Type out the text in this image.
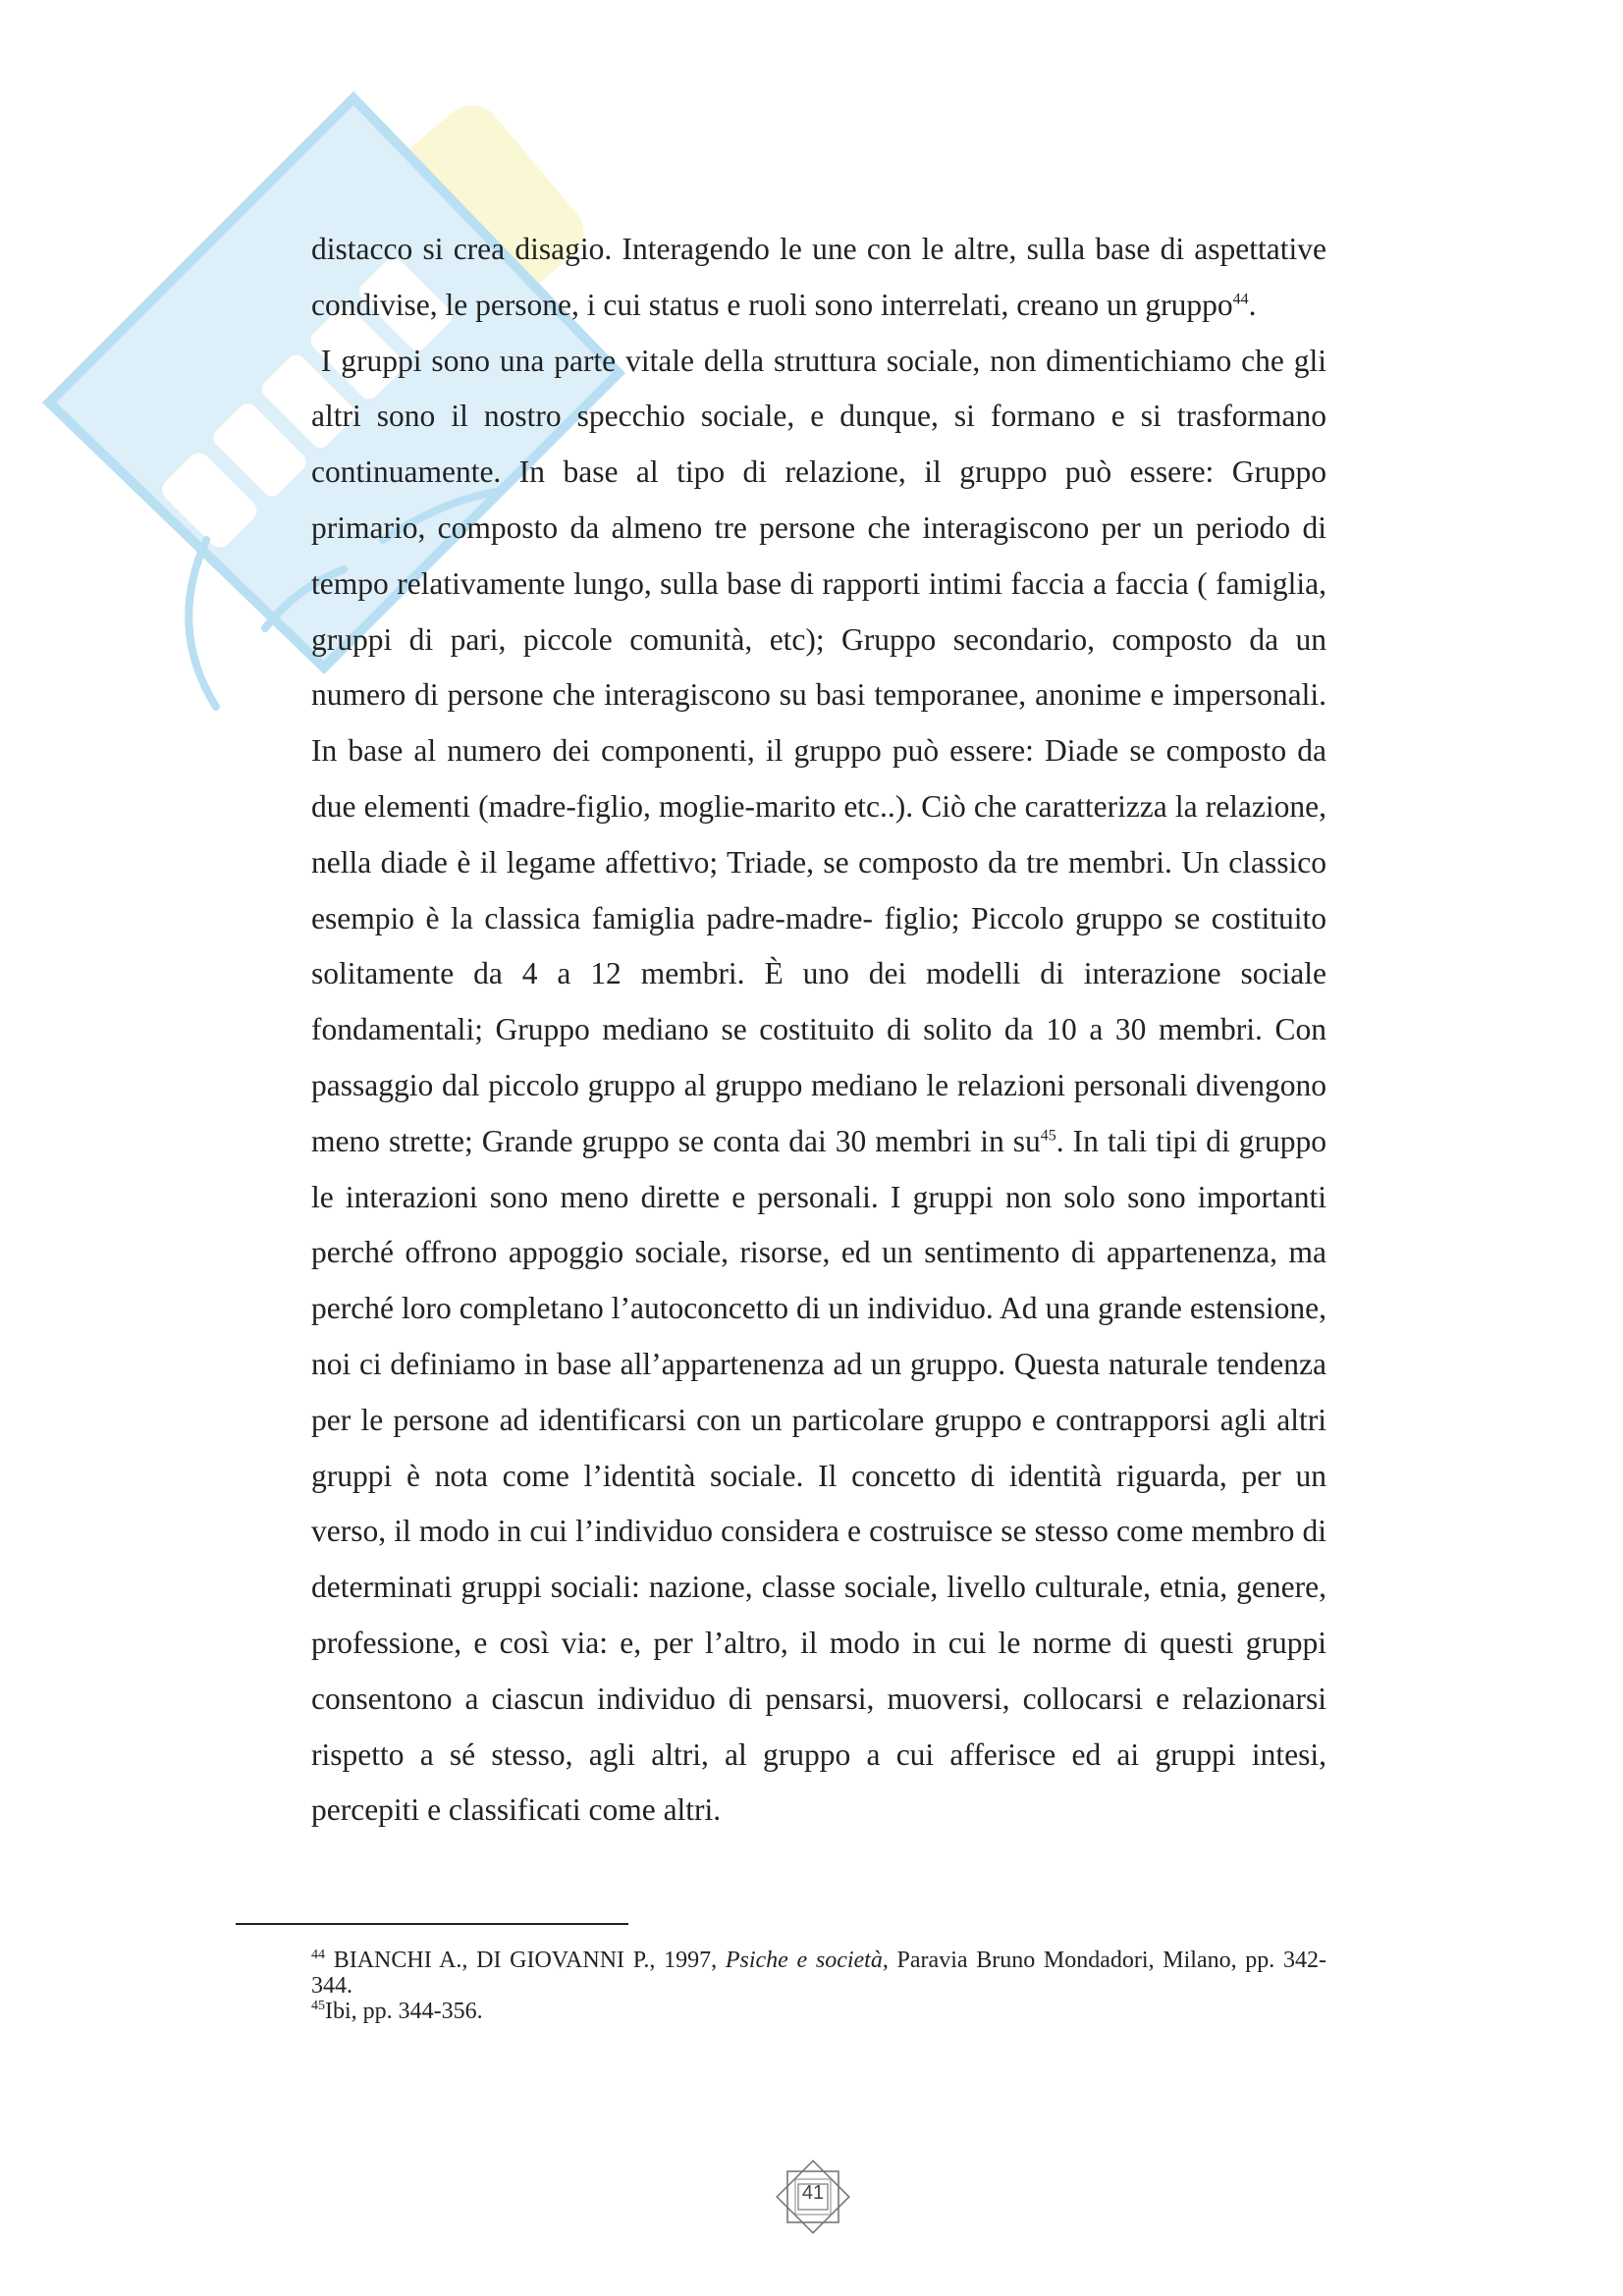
distacco si crea disagio. Interagendo le une con le altre, sulla base di aspettative condivise, le persone, i cui status e ruoli sono interrelati, creano un gruppo$^{44}$.
I gruppi sono una parte vitale della struttura sociale, non dimentichiamo che gli altri sono il nostro specchio sociale, e dunque, si formano e si trasformano continuamente. In base al tipo di relazione, il gruppo può essere: Gruppo primario, composto da almeno tre persone che interagiscono per un periodo di tempo relativamente lungo, sulla base di rapporti intimi faccia a faccia ( famiglia, gruppi di pari, piccole comunità, etc); Gruppo secondario, composto da un numero di persone che interagiscono su basi temporanee, anonime e impersonali. In base al numero dei componenti, il gruppo può essere: Diade se composto da due elementi (madre-figlio, moglie-marito etc..). Ciò che caratterizza la relazione, nella diade è il legame affettivo; Triade, se composto da tre membri. Un classico esempio è la classica famiglia padre-madre- figlio; Piccolo gruppo se costituito solitamente da 4 a 12 membri. È uno dei modelli di interazione sociale fondamentali; Gruppo mediano se costituito di solito da 10 a 30 membri. Con passaggio dal piccolo gruppo al gruppo mediano le relazioni personali divengono meno strette; Grande gruppo se conta dai 30 membri in $su^{45}$. In tali tipi di gruppo le interazioni sono meno dirette e personali. I gruppi non solo sono importanti perché offrono appoggio sociale, risorse, ed un sentimento di appartenenza, ma perché loro completano l’autoconcetto di un individuo. Ad una grande estensione, noi ci definiamo in base all’appartenenza ad un gruppo. Questa naturale tendenza per le persone ad identificarsi con un particolare gruppo e contrapporsi agli altri gruppi è nota come l’identità sociale. Il concetto di identità riguarda, per un verso, il modo in cui l’individuo considera e costruisce se stesso come membro di determinati gruppi sociali: nazione, classe sociale, livello culturale, etnia, genere, professione, e così via: e, per l’altro, il modo in cui le norme di questi gruppi consentono a ciascun individuo di pensarsi, muoversi, collocarsi e relazionarsi rispetto a sé stesso, agli altri, al gruppo a cui afferisce ed ai gruppi intesi, percepiti e classificati come altri.

$^{44}$ BIANCHI A., DI GIOVANNI P., 1997, Psiche e società, Paravia Bruno Mondadori, Milano, pp. 342-344.

$^{45}$Ibi, pp. 344-356.

41
